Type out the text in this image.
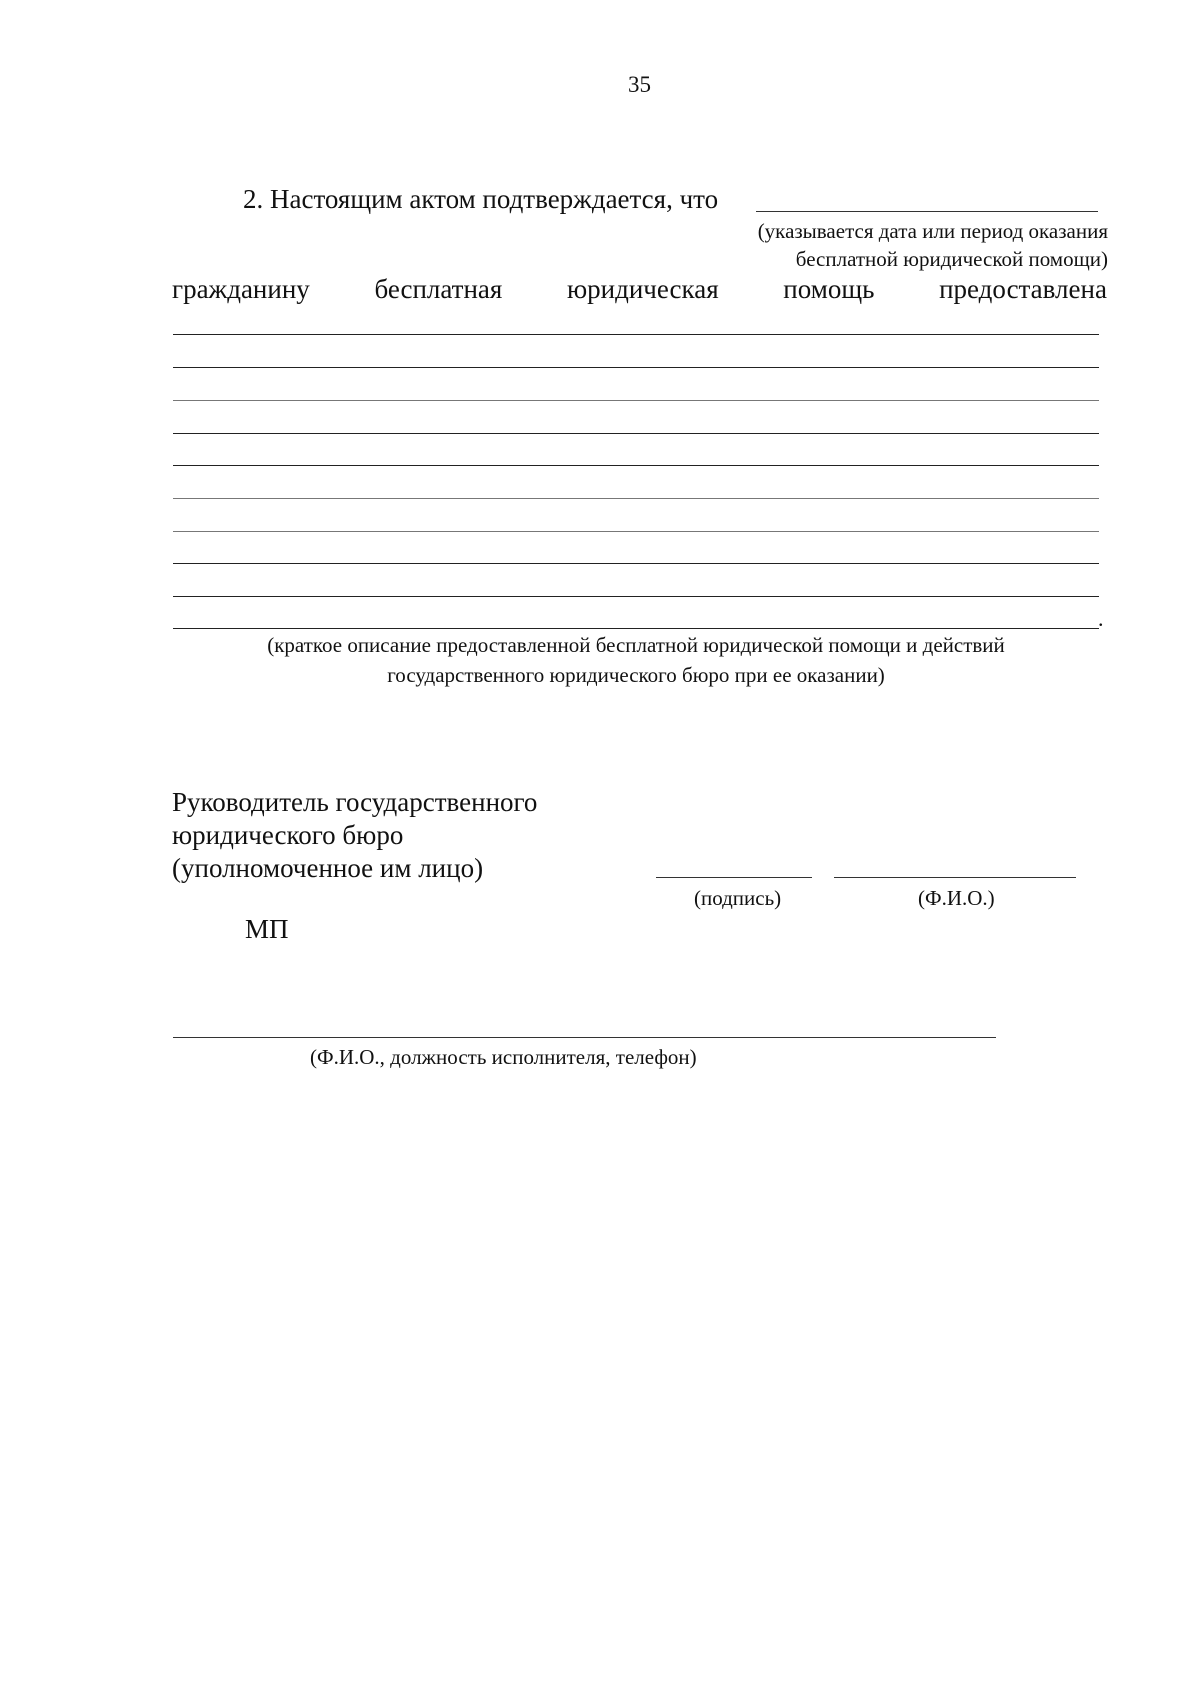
35
2. Настоящим актом подтверждается, что
(указывается дата или период оказания
бесплатной юридической помощи)
гражданину бесплатная юридическая помощь предоставлена
.
(краткое описание предоставленной бесплатной юридической помощи и действий
государственного юридического бюро при ее оказании)
Руководитель государственного
юридического бюро
(уполномоченное им лицо)
(подпись)	(Ф.И.О.)
МП
(Ф.И.О., должность исполнителя, телефон)
